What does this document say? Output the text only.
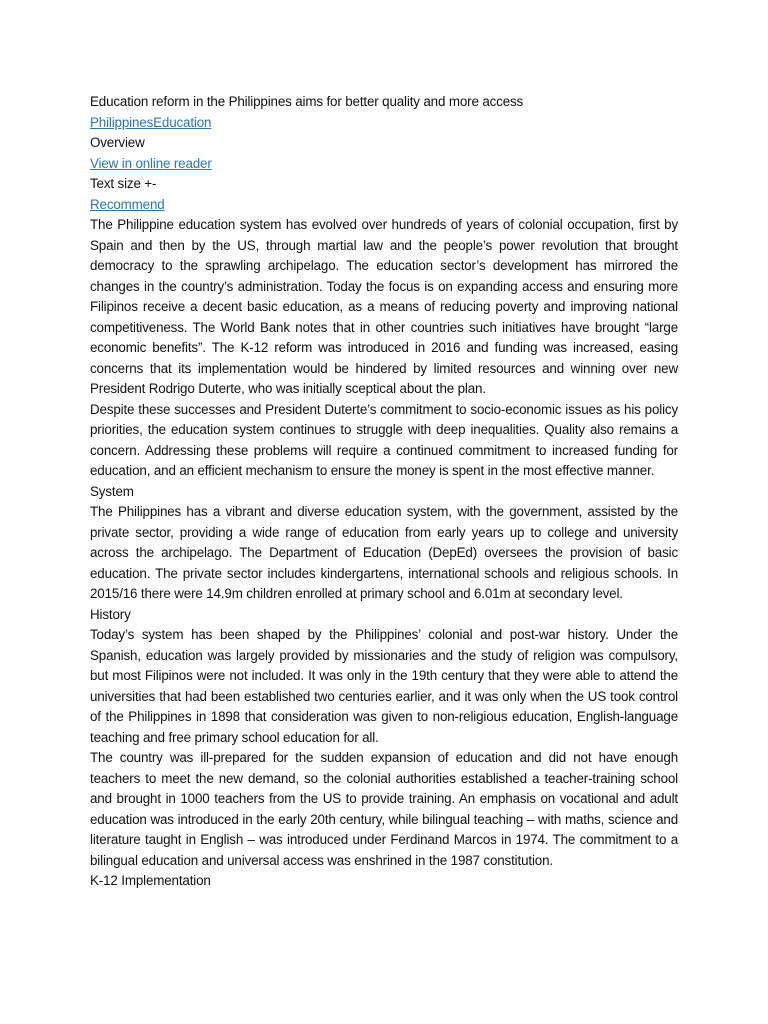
Education reform in the Philippines aims for better quality and more access
PhilippinesEducation
Overview
View in online reader
Text size +-
Recommend

The Philippine education system has evolved over hundreds of years of colonial occupation, first by Spain and then by the US, through martial law and the people’s power revolution that brought democracy to the sprawling archipelago. The education sector’s development has mirrored the changes in the country’s administration. Today the focus is on expanding access and ensuring more Filipinos receive a decent basic education, as a means of reducing poverty and improving national competitiveness. The World Bank notes that in other countries such initiatives have brought “large economic benefits”. The K-12 reform was introduced in 2016 and funding was increased, easing concerns that its implementation would be hindered by limited resources and winning over new President Rodrigo Duterte, who was initially sceptical about the plan.

Despite these successes and President Duterte’s commitment to socio-economic issues as his policy priorities, the education system continues to struggle with deep inequalities. Quality also remains a concern. Addressing these problems will require a continued commitment to increased funding for education, and an efficient mechanism to ensure the money is spent in the most effective manner.

System

The Philippines has a vibrant and diverse education system, with the government, assisted by the private sector, providing a wide range of education from early years up to college and university across the archipelago. The Department of Education (DepEd) oversees the provision of basic education. The private sector includes kindergartens, international schools and religious schools. In 2015/16 there were 14.9m children enrolled at primary school and 6.01m at secondary level.

History

Today’s system has been shaped by the Philippines’ colonial and post-war history. Under the Spanish, education was largely provided by missionaries and the study of religion was compulsory, but most Filipinos were not included. It was only in the 19th century that they were able to attend the universities that had been established two centuries earlier, and it was only when the US took control of the Philippines in 1898 that consideration was given to non-religious education, English-language teaching and free primary school education for all.

The country was ill-prepared for the sudden expansion of education and did not have enough teachers to meet the new demand, so the colonial authorities established a teacher-training school and brought in 1000 teachers from the US to provide training. An emphasis on vocational and adult education was introduced in the early 20th century, while bilingual teaching – with maths, science and literature taught in English – was introduced under Ferdinand Marcos in 1974. The commitment to a bilingual education and universal access was enshrined in the 1987 constitution.

K-12 Implementation
